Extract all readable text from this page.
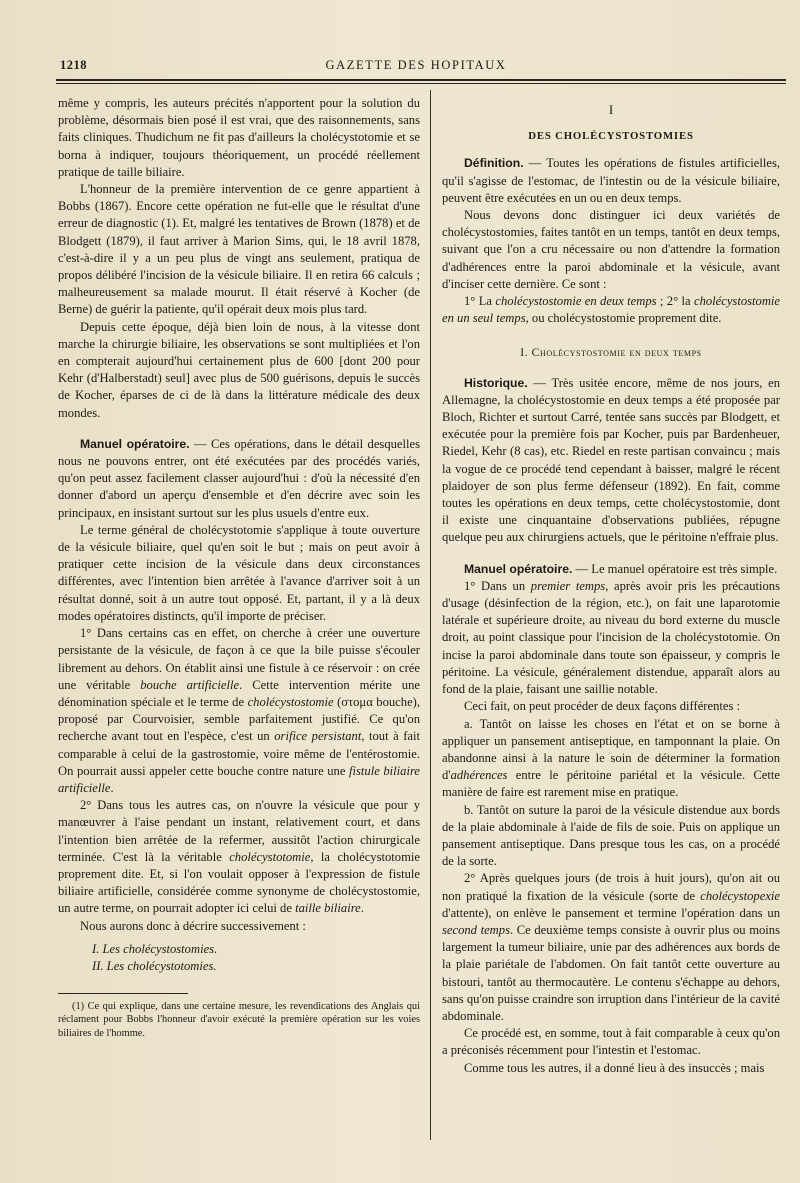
1218	GAZETTE DES HOPITAUX

même y compris, les auteurs précités n'apportent pour la solution du problème, désormais bien posé il est vrai, que des raisonnements, sans faits cliniques. Thudichum ne fit pas d'ailleurs la cholécystotomie et se borna à indiquer, toujours théoriquement, un procédé réellement pratique de taille biliaire.

L'honneur de la première intervention de ce genre appartient à Bobbs (1867). Encore cette opération ne fut-elle que le résultat d'une erreur de diagnostic (1). Et, malgré les tentatives de Brown (1878) et de Blodgett (1879), il faut arriver à Marion Sims, qui, le 18 avril 1878, c'est-à-dire il y a un peu plus de vingt ans seulement, pratiqua de propos délibéré l'incision de la vésicule biliaire. Il en retira 66 calculs ; malheureusement sa malade mourut. Il était réservé à Kocher (de Berne) de guérir la patiente, qu'il opérait deux mois plus tard.

Depuis cette époque, déjà bien loin de nous, à la vitesse dont marche la chirurgie biliaire, les observations se sont multipliées et l'on en compterait aujourd'hui certainement plus de 600 [dont 200 pour Kehr (d'Halberstadt) seul] avec plus de 500 guérisons, depuis le succès de Kocher, éparses de ci de là dans la littérature médicale des deux mondes.

Manuel opératoire. — Ces opérations, dans le détail desquelles nous ne pouvons entrer, ont été exécutées par des procédés variés, qu'on peut assez facilement classer aujourd'hui : d'où la nécessité d'en donner d'abord un aperçu d'ensemble et d'en décrire avec soin les principaux, en insistant surtout sur les plus usuels d'entre eux.

Le terme général de cholécystotomie s'applique à toute ouverture de la vésicule biliaire, quel qu'en soit le but ; mais on peut avoir à pratiquer cette incision de la vésicule dans deux circonstances différentes, avec l'intention bien arrêtée à l'avance d'arriver soit à un résultat donné, soit à un autre tout opposé. Et, partant, il y a là deux modes opératoires distincts, qu'il importe de préciser.

1° Dans certains cas en effet, on cherche à créer une ouverture persistante de la vésicule, de façon à ce que la bile puisse s'écouler librement au dehors. On établit ainsi une fistule à ce réservoir : on crée une véritable bouche artificielle. Cette intervention mérite une dénomination spéciale et le terme de cholécystostomie (στομα bouche), proposé par Courvoisier, semble parfaitement justifié. Ce qu'on recherche avant tout en l'espèce, c'est un orifice persistant, tout à fait comparable à celui de la gastrostomie, voire même de l'entérostomie. On pourrait aussi appeler cette bouche contre nature une fistule biliaire artificielle.

2° Dans tous les autres cas, on n'ouvre la vésicule que pour y manœuvrer à l'aise pendant un instant, relativement court, et dans l'intention bien arrêtée de la refermer, aussitôt l'action chirurgicale terminée. C'est là la véritable cholécystotomie, la cholécystotomie proprement dite. Et, si l'on voulait opposer à l'expression de fistule biliaire artificielle, considérée comme synonyme de cholécystostomie, un autre terme, on pourrait adopter ici celui de taille biliaire.

Nous aurons donc à décrire successivement :

I. Les cholécystostomies.
II. Les cholécystotomies.

(1) Ce qui explique, dans une certaine mesure, les revendications des Anglais qui réclament pour Bobbs l'honneur d'avoir exécuté la première opération sur les voies biliaires de l'homme.

I
DES CHOLÉCYSTOSTOMIES

Définition. — Toutes les opérations de fistules artificielles, qu'il s'agisse de l'estomac, de l'intestin ou de la vésicule biliaire, peuvent être exécutées en un ou en deux temps.

Nous devons donc distinguer ici deux variétés de cholécystostomies, faites tantôt en un temps, tantôt en deux temps, suivant que l'on a cru nécessaire ou non d'attendre la formation d'adhérences entre la paroi abdominale et la vésicule, avant d'inciser cette dernière. Ce sont :

1° La cholécystostomie en deux temps ; 2° la cholécystostomie en un seul temps, ou cholécystostomie proprement dite.

I. Cholécystostomie en deux temps

Historique. — Très usitée encore, même de nos jours, en Allemagne, la cholécystostomie en deux temps a été proposée par Bloch, Richter et surtout Carré, tentée sans succès par Blodgett, et exécutée pour la première fois par Kocher, puis par Bardenheuer, Riedel, Kehr (8 cas), etc. Riedel en reste partisan convaincu ; mais la vogue de ce procédé tend cependant à baisser, malgré le récent plaidoyer de son plus ferme défenseur (1892). En fait, comme toutes les opérations en deux temps, cette cholécystostomie, dont il existe une cinquantaine d'observations publiées, répugne quelque peu aux chirurgiens actuels, que le péritoine n'effraie plus.

Manuel opératoire. — Le manuel opératoire est très simple.

1° Dans un premier temps, après avoir pris les précautions d'usage (désinfection de la région, etc.), on fait une laparotomie latérale et supérieure droite, au niveau du bord externe du muscle droit, au point classique pour l'incision de la cholécystotomie. On incise la paroi abdominale dans toute son épaisseur, y compris le péritoine. La vésicule, généralement distendue, apparaît alors au fond de la plaie, faisant une saillie notable.

Ceci fait, on peut procéder de deux façons différentes :

a. Tantôt on laisse les choses en l'état et on se borne à appliquer un pansement antiseptique, en tamponnant la plaie. On abandonne ainsi à la nature le soin de déterminer la formation d'adhérences entre le péritoine pariétal et la vésicule. Cette manière de faire est rarement mise en pratique.

b. Tantôt on suture la paroi de la vésicule distendue aux bords de la plaie abdominale à l'aide de fils de soie. Puis on applique un pansement antiseptique. Dans presque tous les cas, on a procédé de la sorte.

2° Après quelques jours (de trois à huit jours), qu'on ait ou non pratiqué la fixation de la vésicule (sorte de cholécystopexie d'attente), on enlève le pansement et termine l'opération dans un second temps. Ce deuxième temps consiste à ouvrir plus ou moins largement la tumeur biliaire, unie par des adhérences aux bords de la plaie pariétale de l'abdomen. On fait tantôt cette ouverture au bistouri, tantôt au thermocautère. Le contenu s'échappe au dehors, sans qu'on puisse craindre son irruption dans l'intérieur de la cavité abdominale.

Ce procédé est, en somme, tout à fait comparable à ceux qu'on a préconisés récemment pour l'intestin et l'estomac.

Comme tous les autres, il a donné lieu à des insuccès ; mais
